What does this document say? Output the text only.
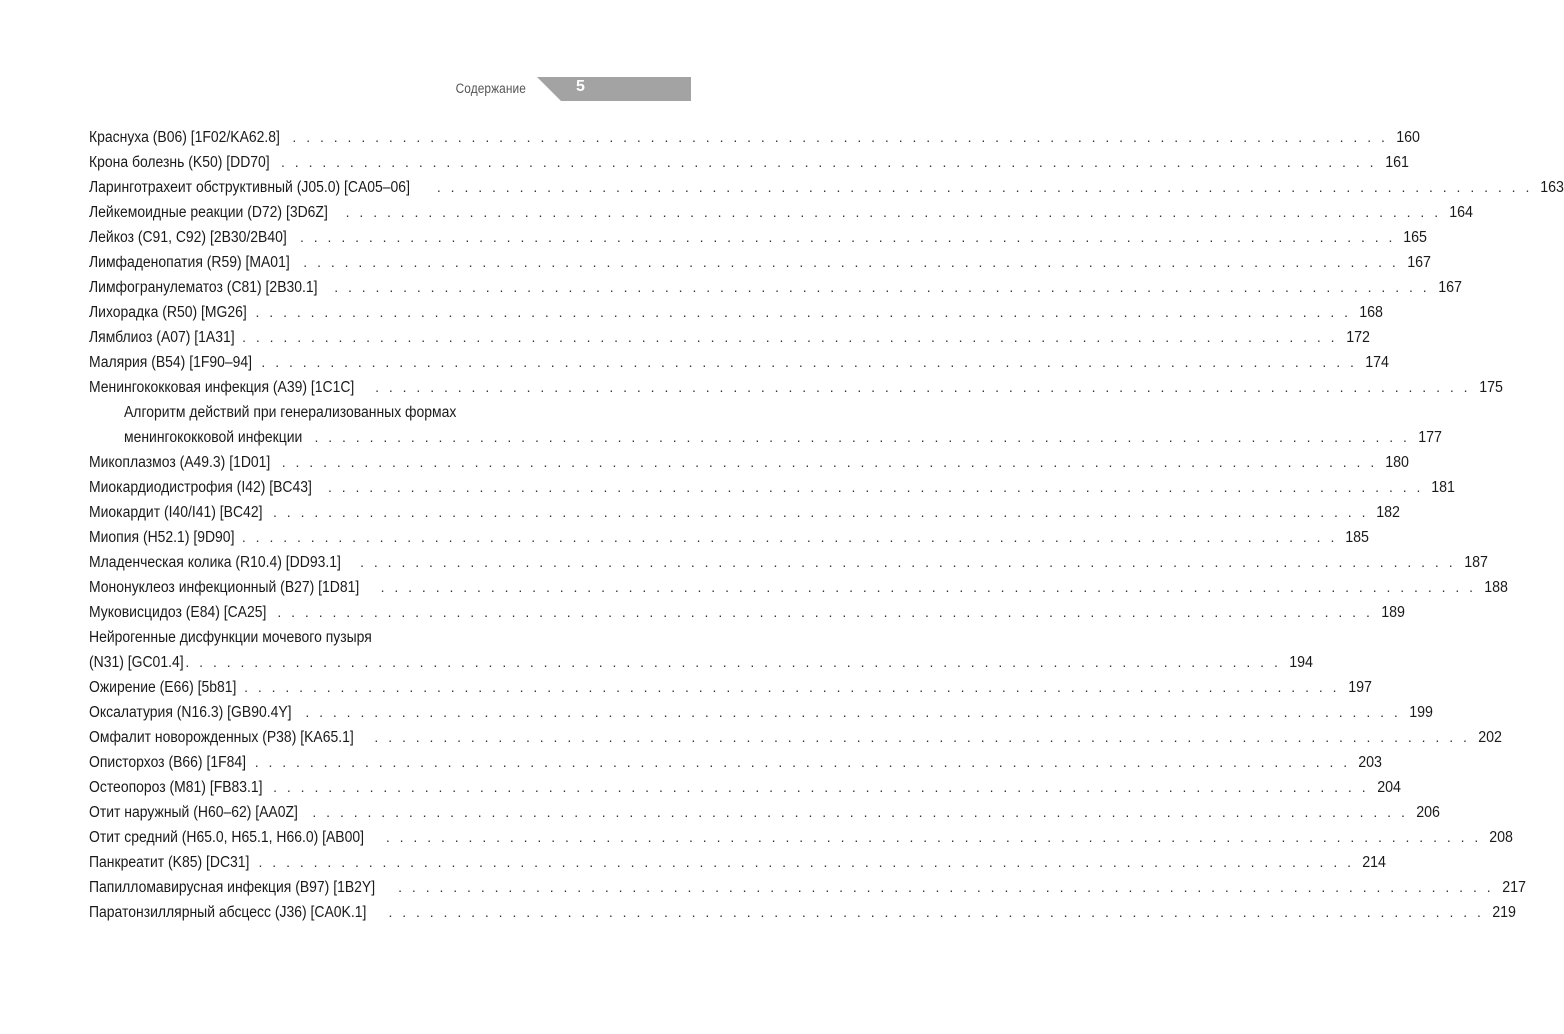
Содержание	5
Краснуха (B06) [1F02/KA62.8] . . . . . . . . . . . . . . . . . . . . . . . . . . . . . . . . . . . . . . . . . . . . . . . . . . . . . . . . . . . . . . . . . . . . . . . . . . . . . . . . 160
Крона болезнь (K50) [DD70] . . . . . . . . . . . . . . . . . . . . . . . . . . . . . . . . . . . . . . . . . . . . . . . . . . . . . . . . . . . . . . . . . . . . . . . . . . . . . . . . 161
Ларинготрахеит обструктивный (J05.0) [CA05–06] . . . . . . . . . . . . . . . . . . . . . . . . . . . . . . . . . . . . . . . . . . . . . . . . . . . . . . . . . . . . . . . . . . . . . . . . . . . . . . . . 163
Лейкемоидные реакции (D72) [3D6Z] . . . . . . . . . . . . . . . . . . . . . . . . . . . . . . . . . . . . . . . . . . . . . . . . . . . . . . . . . . . . . . . . . . . . . . . . . . . . . . . . 164
Лейкоз (C91, C92) [2B30/2B40] . . . . . . . . . . . . . . . . . . . . . . . . . . . . . . . . . . . . . . . . . . . . . . . . . . . . . . . . . . . . . . . . . . . . . . . . . . . . . . . . 165
Лимфаденопатия (R59) [MA01] . . . . . . . . . . . . . . . . . . . . . . . . . . . . . . . . . . . . . . . . . . . . . . . . . . . . . . . . . . . . . . . . . . . . . . . . . . . . . . . . 167
Лимфогранулематоз (C81) [2B30.1] . . . . . . . . . . . . . . . . . . . . . . . . . . . . . . . . . . . . . . . . . . . . . . . . . . . . . . . . . . . . . . . . . . . . . . . . . . . . . . . . 167
Лихорадка (R50) [MG26] . . . . . . . . . . . . . . . . . . . . . . . . . . . . . . . . . . . . . . . . . . . . . . . . . . . . . . . . . . . . . . . . . . . . . . . . . . . . . . . . 168
Лямблиоз (A07) [1A31] . . . . . . . . . . . . . . . . . . . . . . . . . . . . . . . . . . . . . . . . . . . . . . . . . . . . . . . . . . . . . . . . . . . . . . . . . . . . . . . . 172
Малярия (B54) [1F90–94] . . . . . . . . . . . . . . . . . . . . . . . . . . . . . . . . . . . . . . . . . . . . . . . . . . . . . . . . . . . . . . . . . . . . . . . . . . . . . . . . 174
Менингококковая инфекция (A39) [1C1C] . . . . . . . . . . . . . . . . . . . . . . . . . . . . . . . . . . . . . . . . . . . . . . . . . . . . . . . . . . . . . . . . . . . . . . . . . . . . . . . . 175
Алгоритм действий при генерализованных формах
менингококковой инфекции . . . . . . . . . . . . . . . . . . . . . . . . . . . . . . . . . . . . . . . . . . . . . . . . . . . . . . . . . . . . . . . . . . . . . . . . . . . . . . . . 177
Микоплазмоз (A49.3) [1D01] . . . . . . . . . . . . . . . . . . . . . . . . . . . . . . . . . . . . . . . . . . . . . . . . . . . . . . . . . . . . . . . . . . . . . . . . . . . . . . . . 180
Миокардиодистрофия (I42) [BC43] . . . . . . . . . . . . . . . . . . . . . . . . . . . . . . . . . . . . . . . . . . . . . . . . . . . . . . . . . . . . . . . . . . . . . . . . . . . . . . . . 181
Миокардит (I40/I41) [BC42] . . . . . . . . . . . . . . . . . . . . . . . . . . . . . . . . . . . . . . . . . . . . . . . . . . . . . . . . . . . . . . . . . . . . . . . . . . . . . . . . 182
Миопия (H52.1) [9D90] . . . . . . . . . . . . . . . . . . . . . . . . . . . . . . . . . . . . . . . . . . . . . . . . . . . . . . . . . . . . . . . . . . . . . . . . . . . . . . . . 185
Младенческая колика (R10.4) [DD93.1] . . . . . . . . . . . . . . . . . . . . . . . . . . . . . . . . . . . . . . . . . . . . . . . . . . . . . . . . . . . . . . . . . . . . . . . . . . . . . . . . 187
Мононуклеоз инфекционный (B27) [1D81] . . . . . . . . . . . . . . . . . . . . . . . . . . . . . . . . . . . . . . . . . . . . . . . . . . . . . . . . . . . . . . . . . . . . . . . . . . . . . . . . 188
Муковисцидоз (E84) [CA25] . . . . . . . . . . . . . . . . . . . . . . . . . . . . . . . . . . . . . . . . . . . . . . . . . . . . . . . . . . . . . . . . . . . . . . . . . . . . . . . . 189
Нейрогенные дисфункции мочевого пузыря
(N31) [GC01.4] . . . . . . . . . . . . . . . . . . . . . . . . . . . . . . . . . . . . . . . . . . . . . . . . . . . . . . . . . . . . . . . . . . . . . . . . . . . . . . . . 194
Ожирение (E66) [5b81] . . . . . . . . . . . . . . . . . . . . . . . . . . . . . . . . . . . . . . . . . . . . . . . . . . . . . . . . . . . . . . . . . . . . . . . . . . . . . . . . 197
Оксалатурия (N16.3) [GB90.4Y] . . . . . . . . . . . . . . . . . . . . . . . . . . . . . . . . . . . . . . . . . . . . . . . . . . . . . . . . . . . . . . . . . . . . . . . . . . . . . . . . 199
Омфалит новорожденных (P38) [KA65.1] . . . . . . . . . . . . . . . . . . . . . . . . . . . . . . . . . . . . . . . . . . . . . . . . . . . . . . . . . . . . . . . . . . . . . . . . . . . . . . . . 202
Описторхоз (B66) [1F84] . . . . . . . . . . . . . . . . . . . . . . . . . . . . . . . . . . . . . . . . . . . . . . . . . . . . . . . . . . . . . . . . . . . . . . . . . . . . . . . . 203
Остеопороз (M81) [FB83.1] . . . . . . . . . . . . . . . . . . . . . . . . . . . . . . . . . . . . . . . . . . . . . . . . . . . . . . . . . . . . . . . . . . . . . . . . . . . . . . . . 204
Отит наружный (H60–62) [AA0Z] . . . . . . . . . . . . . . . . . . . . . . . . . . . . . . . . . . . . . . . . . . . . . . . . . . . . . . . . . . . . . . . . . . . . . . . . . . . . . . . . 206
Отит средний (H65.0, H65.1, H66.0) [AB00] . . . . . . . . . . . . . . . . . . . . . . . . . . . . . . . . . . . . . . . . . . . . . . . . . . . . . . . . . . . . . . . . . . . . . . . . . . . . . . . . 208
Панкреатит (K85) [DC31] . . . . . . . . . . . . . . . . . . . . . . . . . . . . . . . . . . . . . . . . . . . . . . . . . . . . . . . . . . . . . . . . . . . . . . . . . . . . . . . . 214
Папилломавирусная инфекция (B97) [1B2Y] . . . . . . . . . . . . . . . . . . . . . . . . . . . . . . . . . . . . . . . . . . . . . . . . . . . . . . . . . . . . . . . . . . . . . . . . . . . . . . . . 217
Паратонзиллярный абсцесс (J36) [CA0K.1] . . . . . . . . . . . . . . . . . . . . . . . . . . . . . . . . . . . . . . . . . . . . . . . . . . . . . . . . . . . . . . . . . . . . . . . . . . . . . . . . 219
